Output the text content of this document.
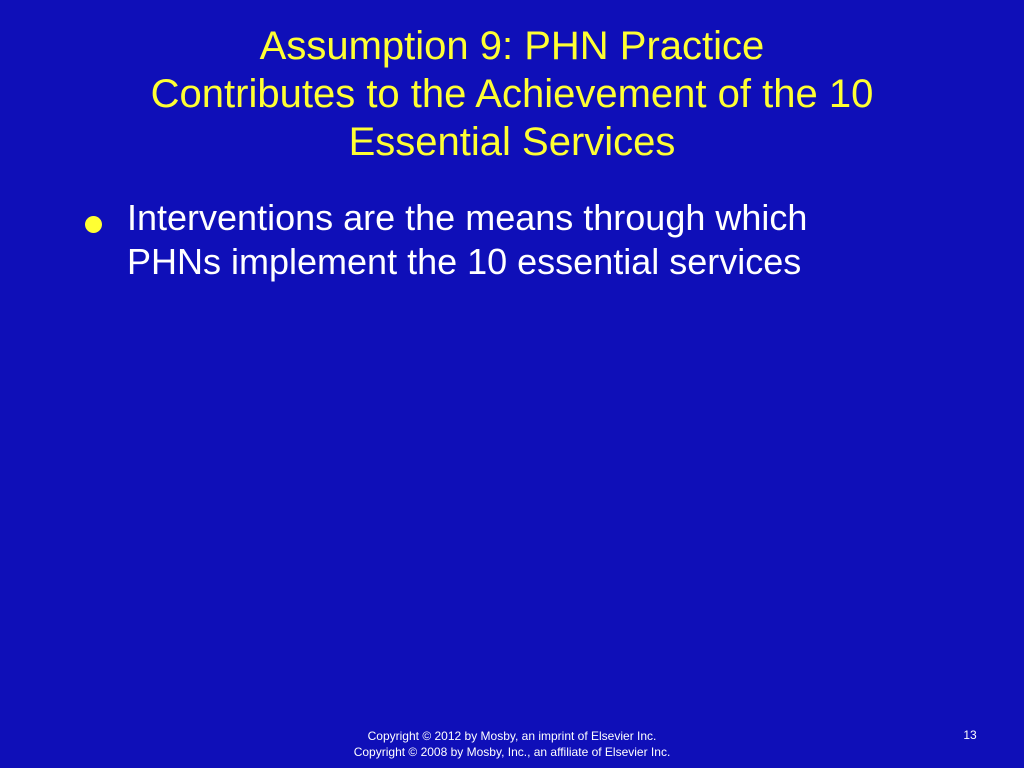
Assumption 9: PHN Practice
Contributes to the Achievement of the 10
Essential Services
Interventions are the means through which
PHNs implement the 10 essential services
Copyright © 2012 by Mosby, an imprint of Elsevier Inc.
Copyright © 2008 by Mosby, Inc., an affiliate of Elsevier Inc.
13
